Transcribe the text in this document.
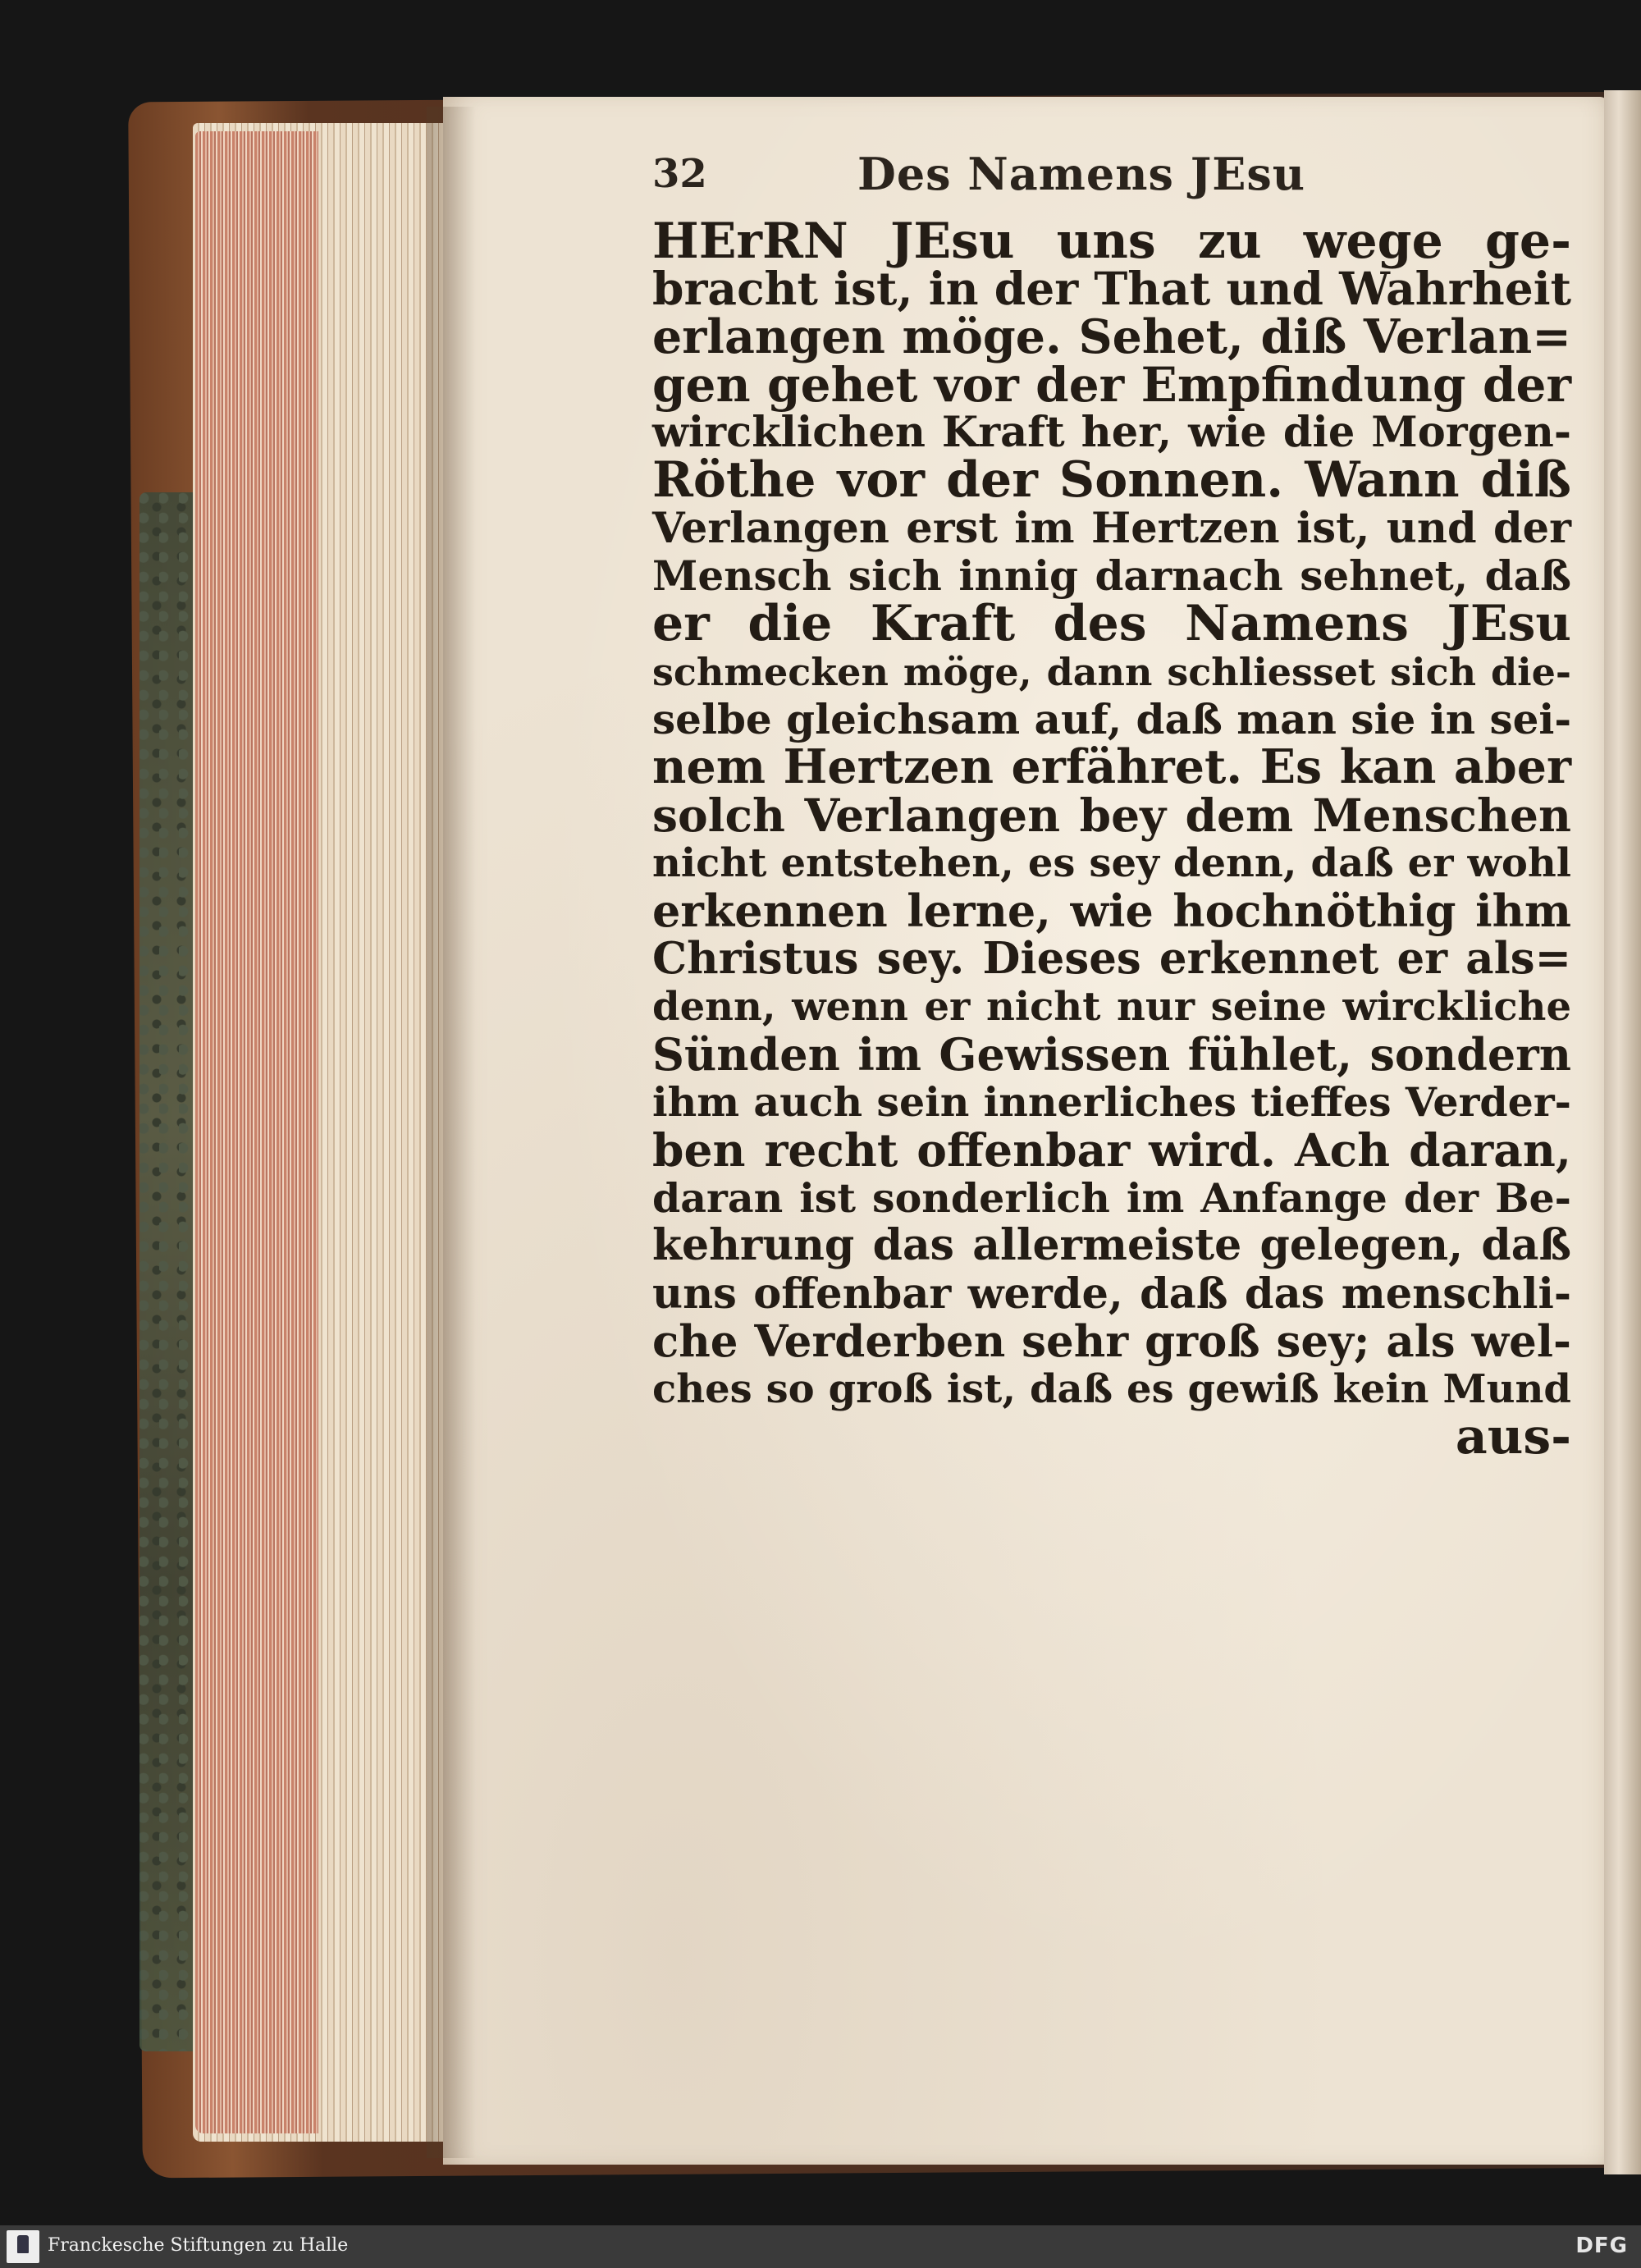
32	Des Namens JEsu
HErRN JEsu uns zu wege ge-
bracht ist, in der That und Wahrheit
erlangen möge. Sehet, diß Verlan=
gen gehet vor der Empfindung der
wircklichen Kraft her, wie die Morgen-
Röthe vor der Sonnen. Wann diß
Verlangen erst im Hertzen ist, und der
Mensch sich innig darnach sehnet, daß
er die Kraft des Namens JEsu
schmecken möge, dann schliesset sich die-
selbe gleichsam auf, daß man sie in sei-
nem Hertzen erfähret. Es kan aber
solch Verlangen bey dem Menschen
nicht entstehen, es sey denn, daß er wohl
erkennen lerne, wie hochnöthig ihm
Christus sey. Dieses erkennet er als=
denn, wenn er nicht nur seine wirckliche
Sünden im Gewissen fühlet, sondern
ihm auch sein innerliches tieffes Verder-
ben recht offenbar wird. Ach daran,
daran ist sonderlich im Anfange der Be-
kehrung das allermeiste gelegen, daß
uns offenbar werde, daß das menschli-
che Verderben sehr groß sey; als wel-
ches so groß ist, daß es gewiß kein Mund
aus-
Franckesche Stiftungen zu Halle	DFG
